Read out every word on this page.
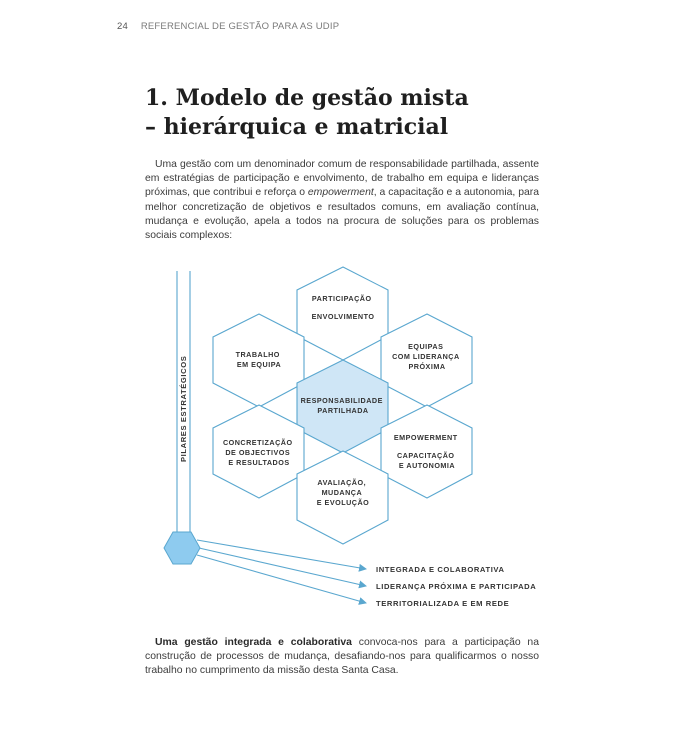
24 REFERENCIAL DE GESTÃO PARA AS UDIP
1. Modelo de gestão mista
– hierárquica e matricial

Uma gestão com um denominador comum de responsabilidade partilhada, assente em estratégias de participação e envolvimento, de trabalho em equipa e lideranças próximas, que contribui e reforça o empowerment, a capacitação e a autonomia, para melhor concretização de objetivos e resultados comuns, em avaliação contínua, mudança e evolução, apela a todos na procura de soluções para os problemas sociais complexos:

PILARES ESTRATÉGICOS
INTEGRADA E COLABORATIVA
LIDERANÇA PRÓXIMA E PARTICIPADA
TERRITORIALIZADA E EM REDE
PARTICIPAÇÃO ENVOLVIMENTO
TRABALHO EM EQUIPA
EQUIPAS COM LIDERANÇA PRÓXIMA
RESPONSABILIDADE PARTILHADA
CONCRETIZAÇÃO DE OBJECTIVOS E RESULTADOS
EMPOWERMENT CAPACITAÇÃO E AUTONOMIA
AVALIAÇÃO, MUDANÇA E EVOLUÇÃO

Uma gestão integrada e colaborativa convoca-nos para a participação na construção de processos de mudança, desafiando-nos para qualificarmos o nosso trabalho no cumprimento da missão desta Santa Casa.
